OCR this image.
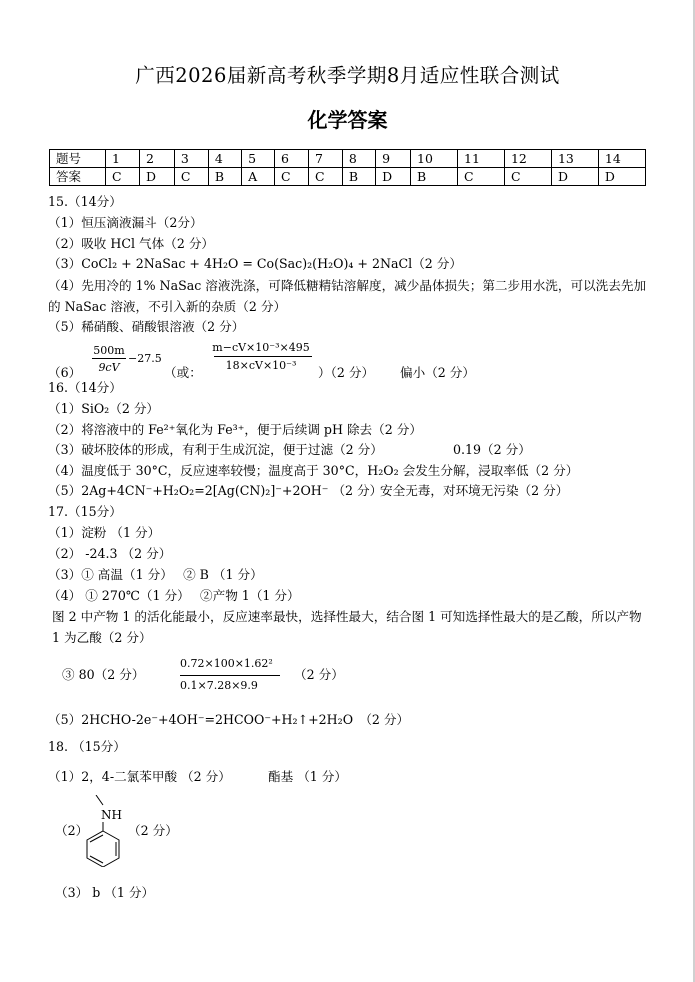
广西2026届新高考秋季学期8月适应性联合测试
化学答案
题号	1	2	3	4	5	6	7	8	9	10	11	12	13	14
答案	C	D	C	B	A	C	C	B	D	B	C	C	D	D
15.（14分）
（1）恒压滴液漏斗（2分）
（2）吸收 HCl 气体（2 分）
（3）CoCl₂ + 2NaSac + 4H₂O = Co(Sac)₂(H₂O)₄ + 2NaCl（2 分）
（4）先用冷的 1% NaSac 溶液洗涤，可降低糖精钴溶解度，减少晶体损失；第二步用水洗，可以洗去先加的 NaSac 溶液，不引入新的杂质（2 分）
（5）稀硝酸、硝酸银溶液（2 分）
（6）
500m
9cV
−27.5
（或：
m−cV×10⁻³×495
18×cV×10⁻³	）（2 分） 偏小（2 分）
16.（14分）
（1）SiO₂（2 分）
（2）将溶液中的 Fe²⁺氧化为 Fe³⁺，便于后续调 pH 除去（2 分）
（3）破坏胶体的形成，有利于生成沉淀，便于过滤（2 分）	0.19（2 分）
（4）温度低于 30°C，反应速率较慢；温度高于 30°C，H₂O₂ 会发生分解，浸取率低（2 分）
（5）2Ag+4CN⁻+H₂O₂=2[Ag(CN)₂]⁻+2OH⁻ （2 分）
安全无毒，对环境无污染（2 分）
17.（15分）
（1）淀粉 （1 分）
（2） -24.3 （2 分）
（3）① 高温（1 分）　 ② B （1 分）
（4） ① 270℃（1 分）　 ②产物 1（1 分）
图 2 中产物 1 的活化能最小，反应速率最快，选择性最大，结合图 1 可知选择性最大的是乙酸，所以产物 1 为乙酸（2 分）
③ 80（2 分）
0.72×100×1.62²
0.1×7.28×9.9
（2 分）
（5）2HCHO-2e⁻+4OH⁻=2HCOO⁻+H₂↑+2H₂O　（2 分）
18. （15分）
（1）2，4-二氯苯甲酸 （2 分）	酯基 （1 分）
（2）
NH
（2 分）
（3） b （1 分）
